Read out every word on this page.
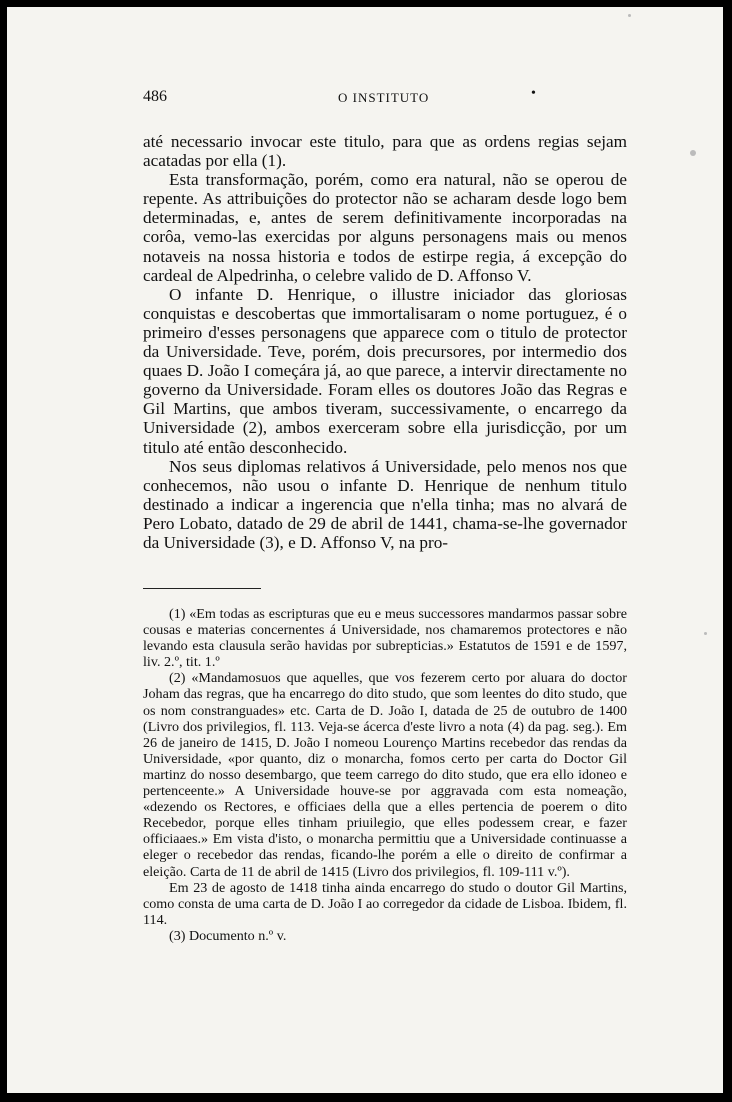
486	O INSTITUTO	•

até necessario invocar este titulo, para que as ordens regias sejam acatadas por ella (1).

Esta transformação, porém, como era natural, não se operou de repente. As attribuições do protector não se acharam desde logo bem determinadas, e, antes de serem definitivamente incorporadas na corôa, vemo-las exercidas por alguns personagens mais ou menos notaveis na nossa historia e todos de estirpe regia, á excepção do cardeal de Alpedrinha, o celebre valido de D. Affonso V.

O infante D. Henrique, o illustre iniciador das gloriosas conquistas e descobertas que immortalisaram o nome portuguez, é o primeiro d'esses personagens que apparece com o titulo de protector da Universidade. Teve, porém, dois precursores, por intermedio dos quaes D. João I começára já, ao que parece, a intervir directamente no governo da Universidade. Foram elles os doutores João das Regras e Gil Martins, que ambos tiveram, successivamente, o encarrego da Universidade (2), ambos exerceram sobre ella jurisdicção, por um titulo até então desconhecido.

Nos seus diplomas relativos á Universidade, pelo menos nos que conhecemos, não usou o infante D. Henrique de nenhum titulo destinado a indicar a ingerencia que n'ella tinha; mas no alvará de Pero Lobato, datado de 29 de abril de 1441, chama-se-lhe governador da Universidade (3), e D. Affonso V, na pro-

(1) «Em todas as escripturas que eu e meus successores mandarmos passar sobre cousas e materias concernentes á Universidade, nos chamaremos protectores e não levando esta clausula serão havidas por subrepticias.» Estatutos de 1591 e de 1597, liv. 2.º, tit. 1.º

(2) «Mandamosuos que aquelles, que vos fezerem certo por aluara do doctor Joham das regras, que ha encarrego do dito studo, que som leentes do dito studo, que os nom constranguades» etc. Carta de D. João I, datada de 25 de outubro de 1400 (Livro dos privilegios, fl. 113. Veja-se ácerca d'este livro a nota (4) da pag. seg.). Em 26 de janeiro de 1415, D. João I nomeou Lourenço Martins recebedor das rendas da Universidade, «por quanto, diz o monarcha, fomos certo per carta do Doctor Gil martinz do nosso desembargo, que teem carrego do dito studo, que era ello idoneo e pertenceente.» A Universidade houve-se por aggravada com esta nomeação, «dezendo os Rectores, e officiaes della que a elles pertencia de poerem o dito Recebedor, porque elles tinham priuilegio, que elles podessem crear, e fazer officiaaes.» Em vista d'isto, o monarcha permittiu que a Universidade continuasse a eleger o recebedor das rendas, ficando-lhe porém a elle o direito de confirmar a eleição. Carta de 11 de abril de 1415 (Livro dos privilegios, fl. 109-111 v.º).

Em 23 de agosto de 1418 tinha ainda encarrego do studo o doutor Gil Martins, como consta de uma carta de D. João I ao corregedor da cidade de Lisboa. Ibidem, fl. 114.

(3) Documento n.º v.
